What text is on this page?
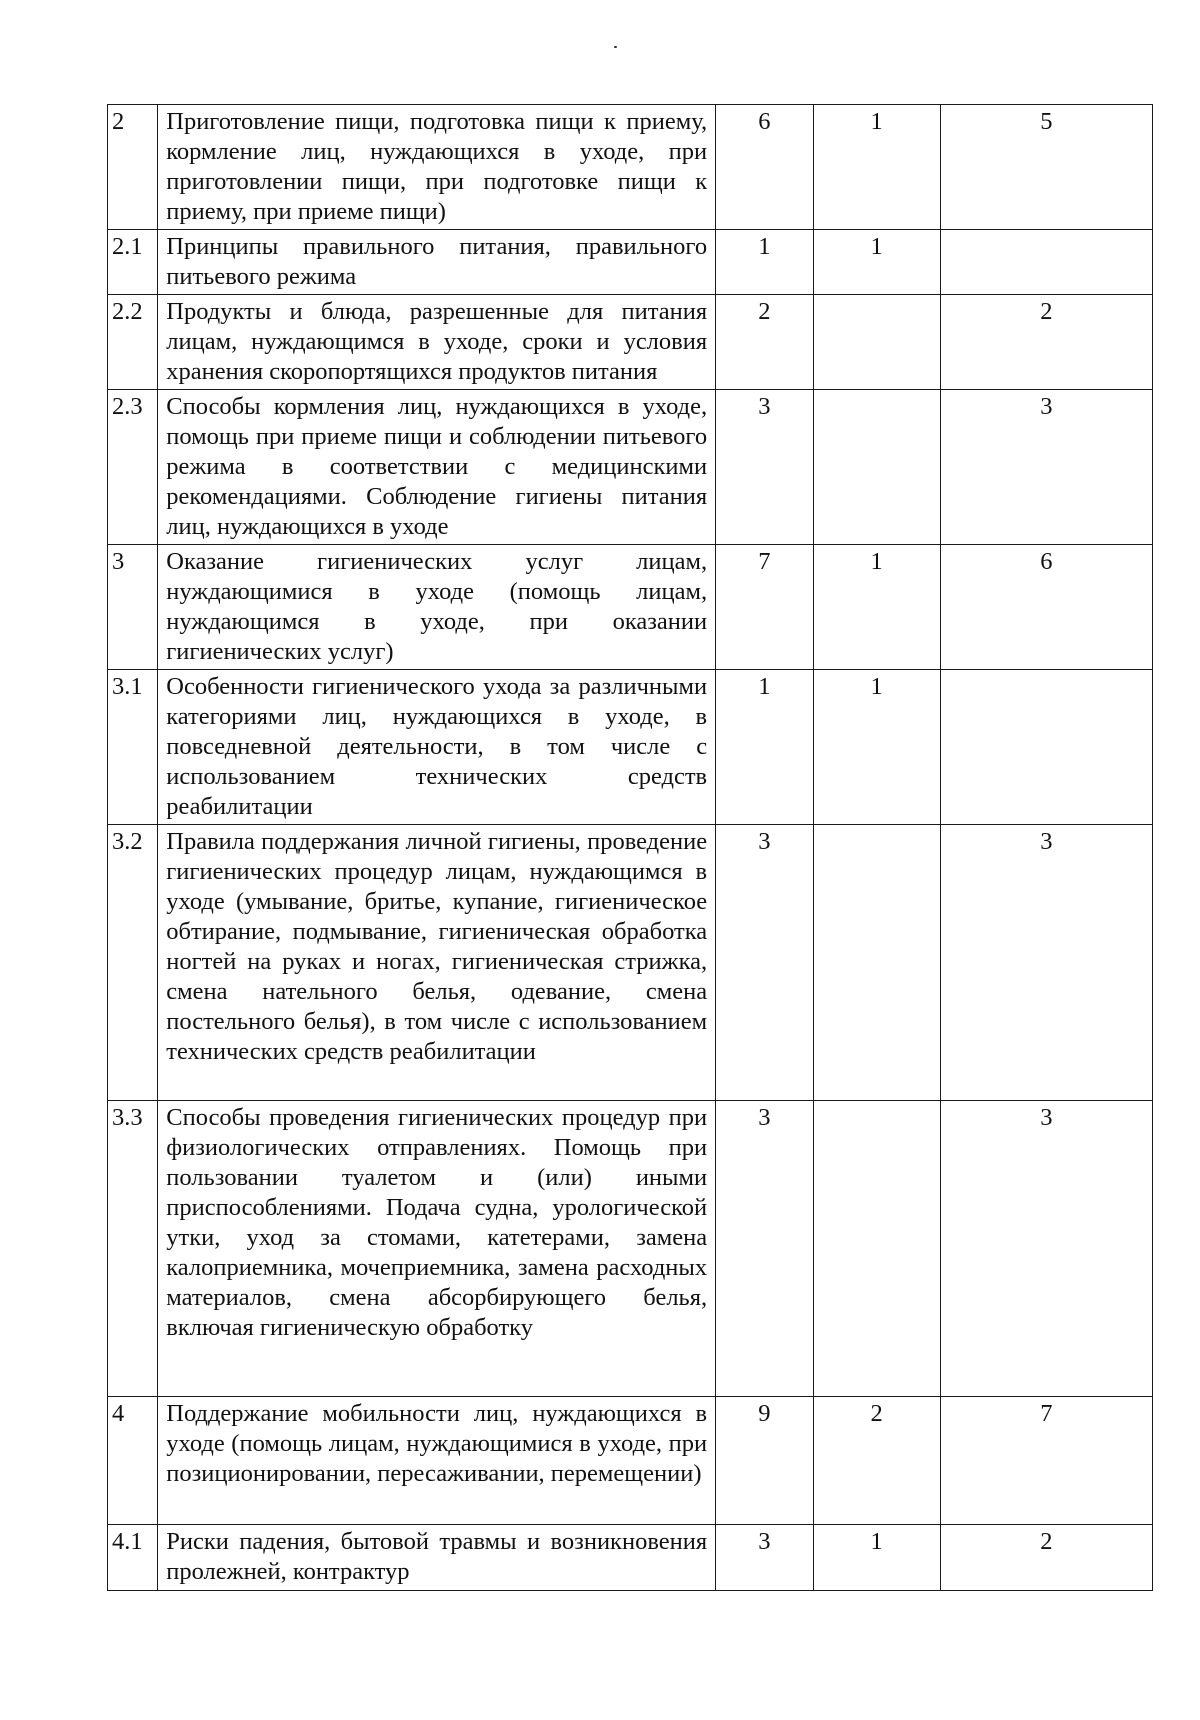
2	Приготовление пищи, подготовка пищи к приему, кормление лиц, нуждающихся в уходе, при приготовлении пищи, при подготовке пищи к приему, при приеме пищи)	6	1	5
2.1	Принципы правильного питания, правильного питьевого режима	1	1	
2.2	Продукты и блюда, разрешенные для питания лицам, нуждающимся в уходе, сроки и условия хранения скоропортящихся продуктов питания	2		2
2.3	Способы кормления лиц, нуждающихся в уходе, помощь при приеме пищи и соблюдении питьевого режима в соответствии с медицинскими рекомендациями. Соблюдение гигиены питания лиц, нуждающихся в уходе	3		3
3	Оказание гигиенических услуг лицам, нуждающимися в уходе (помощь лицам, нуждающимся в уходе, при оказании гигиенических услуг)	7	1	6
3.1	Особенности гигиенического ухода за различными категориями лиц, нуждающихся в уходе, в повседневной деятельности, в том числе с использованием технических средств реабилитации	1	1	
3.2	Правила поддержания личной гигиены, проведение гигиенических процедур лицам, нуждающимся в уходе (умывание, бритье, купание, гигиеническое обтирание, подмывание, гигиеническая обработка ногтей на руках и ногах, гигиеническая стрижка, смена нательного белья, одевание, смена постельного белья), в том числе с использованием технических средств реабилитации	3		3
3.3	Способы проведения гигиенических процедур при физиологических отправлениях. Помощь при пользовании туалетом и (или) иными приспособлениями. Подача судна, урологической утки, уход за стомами, катетерами, замена калоприемника, мочеприемника, замена расходных материалов, смена абсорбирующего белья, включая гигиеническую обработку	3		3
4	Поддержание мобильности лиц, нуждающихся в уходе (помощь лицам, нуждающимися в уходе, при позиционировании, пересаживании, перемещении)	9	2	7
4.1	Риски падения, бытовой травмы и возникновения пролежней, контрактур	3	1	2
